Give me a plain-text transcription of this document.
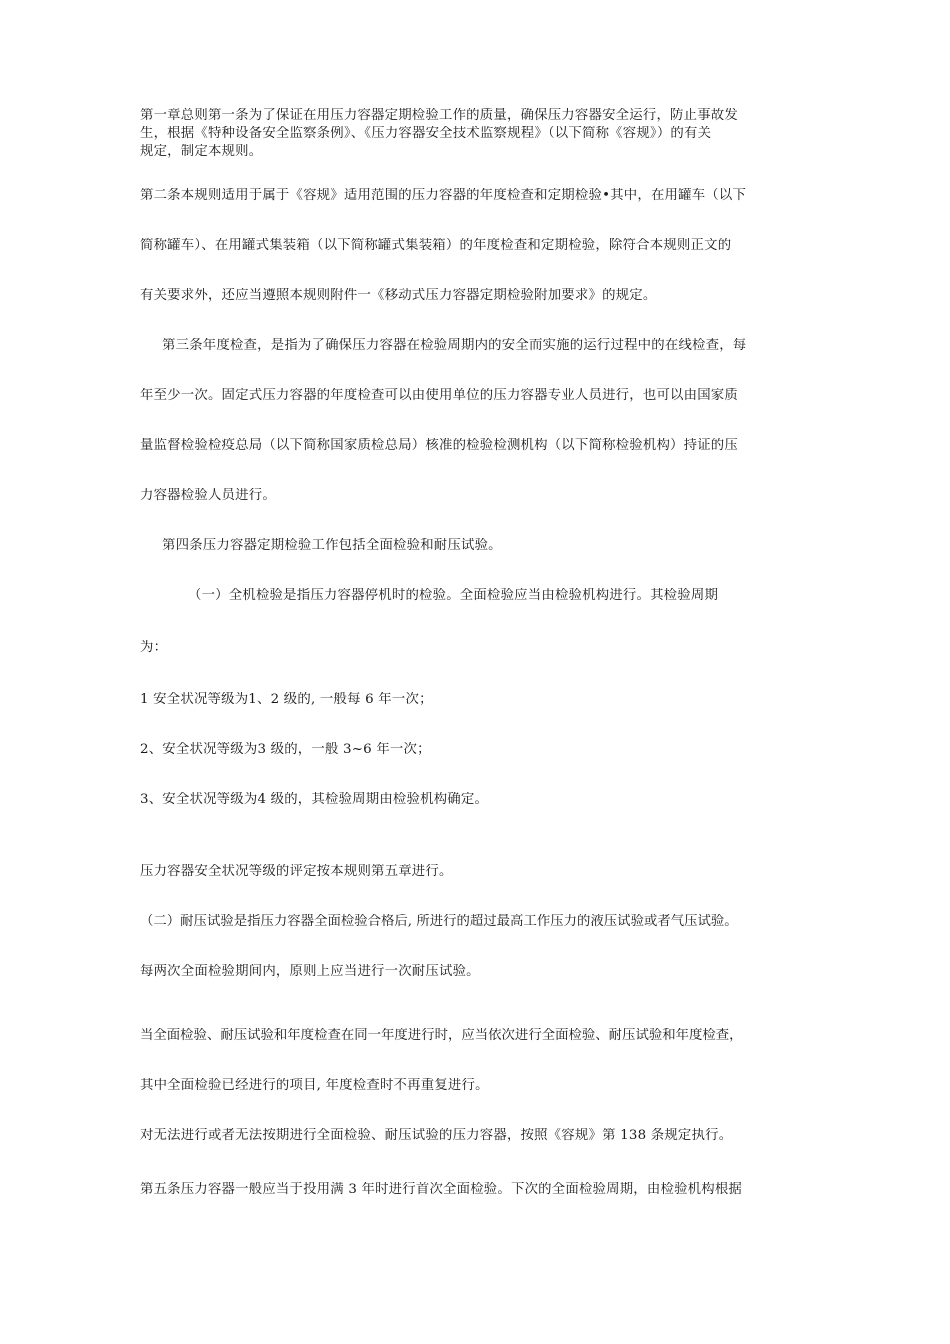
第一章总则第一条为了保证在用压力容器定期检验工作的质量，确保压力容器安全运行，防止事故发
生，根据《特种设备安全监察条例》、《压力容器安全技术监察规程》（以下简称《容规》）的有关
规定，制定本规则。
第二条本规则适用于属于《容规》适用范围的压力容器的年度检查和定期检验•其中，在用罐车（以下
简称罐车）、在用罐式集装箱（以下简称罐式集装箱）的年度检查和定期检验，除符合本规则正文的
有关要求外，还应当遵照本规则附件一《移动式压力容器定期检验附加要求》的规定。
第三条年度检查，是指为了确保压力容器在检验周期内的安全而实施的运行过程中的在线检查，每
年至少一次。固定式压力容器的年度检查可以由使用单位的压力容器专业人员进行，也可以由国家质
量监督检验检疫总局（以下简称国家质检总局）核准的检验检测机构（以下简称检验机构）持证的压
力容器检验人员进行。
第四条压力容器定期检验工作包括全面检验和耐压试验。
（一）全机检验是指压力容器停机时的检验。全面检验应当由检验机构进行。其检验周期
为：
1 安全状况等级为1、2 级的, 一般每 6 年一次；
2、安全状况等级为3 级的，一般 3~6 年一次；
3、安全状况等级为4 级的，其检验周期由检验机构确定。
压力容器安全状况等级的评定按本规则第五章进行。
（二）耐压试验是指压力容器全面检验合格后, 所进行的超过最高工作压力的液压试验或者气压试验。
每两次全面检验期间内，原则上应当进行一次耐压试验。
当全面检验、耐压试验和年度检查在同一年度进行时，应当依次进行全面检验、耐压试验和年度检查，
其中全面检验已经进行的项目, 年度检查时不再重复进行。
对无法进行或者无法按期进行全面检验、耐压试验的压力容器，按照《容规》第 138 条规定执行。
第五条压力容器一般应当于投用满 3 年时进行首次全面检验。下次的全面检验周期，由检验机构根据
